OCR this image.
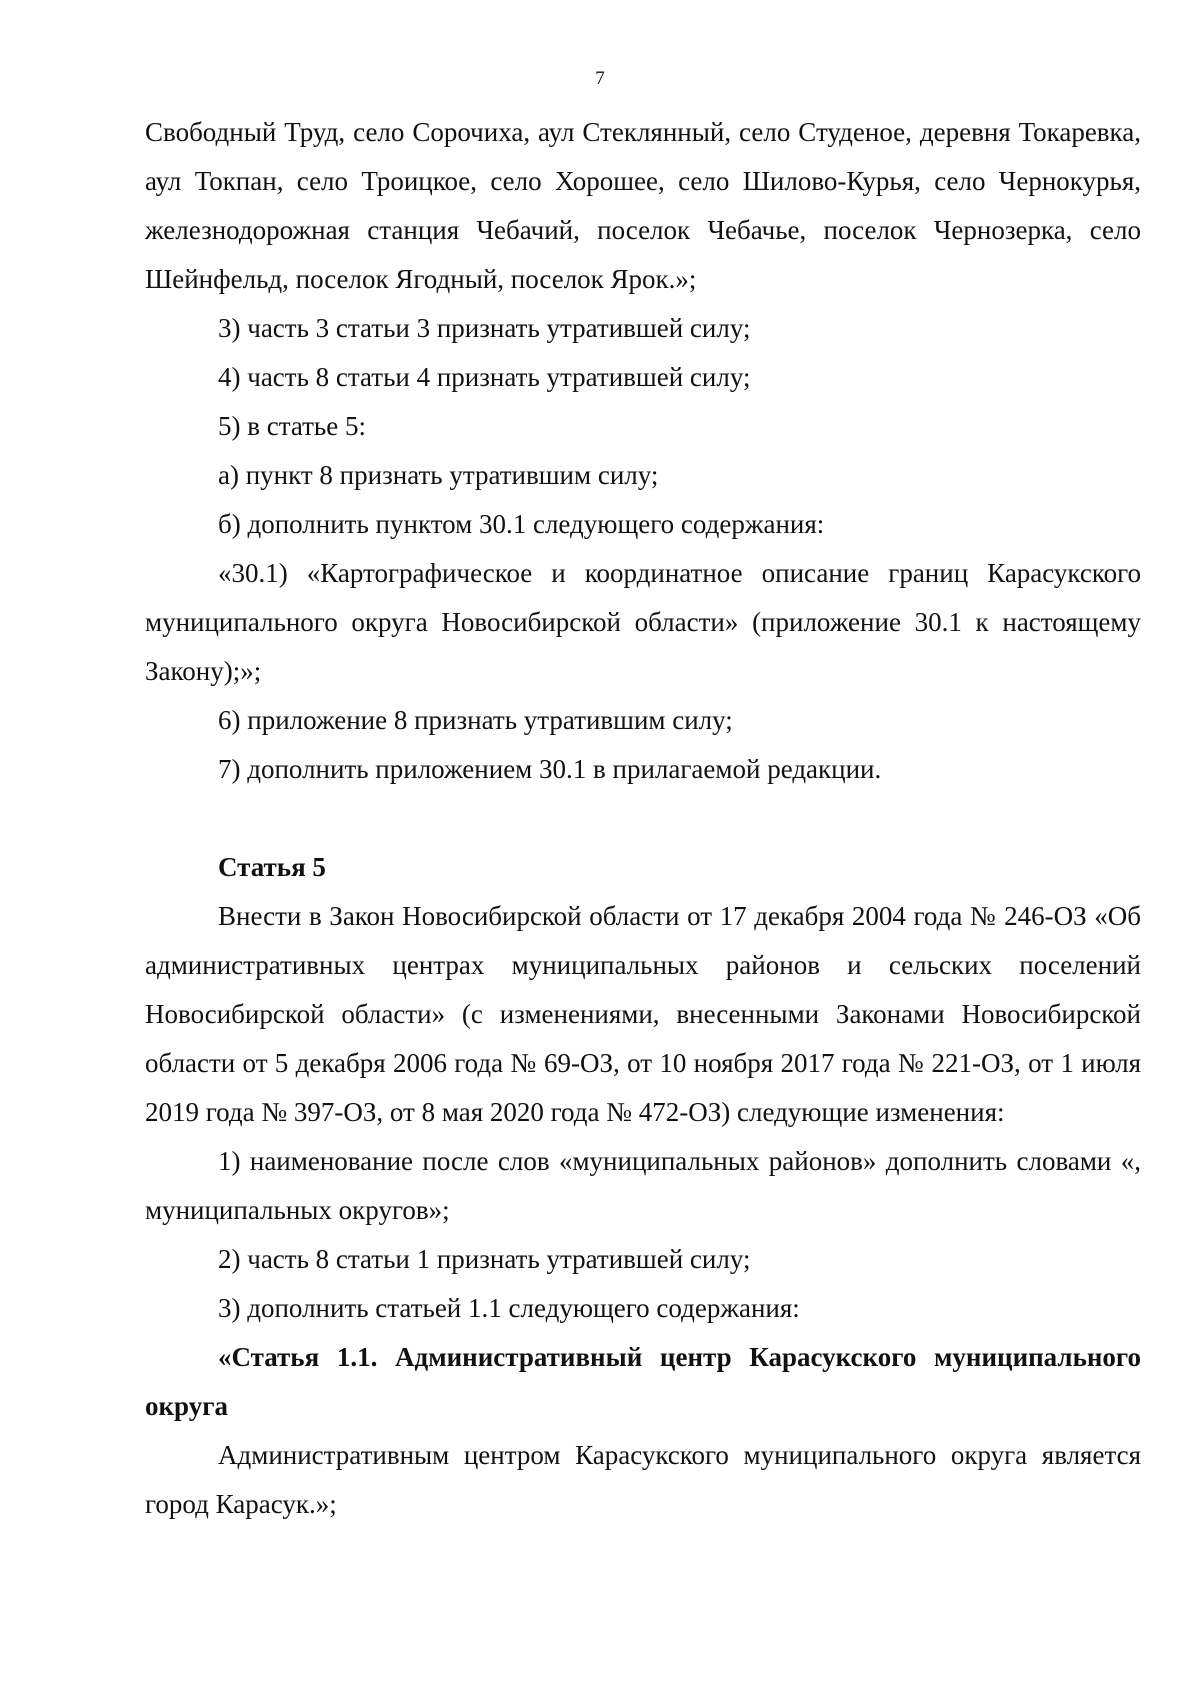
7

Свободный Труд, село Сорочиха, аул Стеклянный, село Студеное, деревня Токаревка, аул Токпан, село Троицкое, село Хорошее, село Шилово-Курья, село Чернокурья, железнодорожная станция Чебачий, поселок Чебачье, поселок Чернозерка, село Шейнфельд, поселок Ягодный, поселок Ярок.»;

3) часть 3 статьи 3 признать утратившей силу;

4) часть 8 статьи 4 признать утратившей силу;

5) в статье 5:

а) пункт 8 признать утратившим силу;

б) дополнить пунктом 30.1 следующего содержания:

«30.1) «Картографическое и координатное описание границ Карасукского муниципального округа Новосибирской области» (приложение 30.1 к настоящему Закону);»;

6) приложение 8 признать утратившим силу;

7) дополнить приложением 30.1 в прилагаемой редакции.

Статья 5

Внести в Закон Новосибирской области от 17 декабря 2004 года № 246-ОЗ «Об административных центрах муниципальных районов и сельских поселений Новосибирской области» (с изменениями, внесенными Законами Новосибирской области от 5 декабря 2006 года № 69-ОЗ, от 10 ноября 2017 года № 221-ОЗ, от 1 июля 2019 года № 397-ОЗ, от 8 мая 2020 года № 472-ОЗ) следующие изменения:

1) наименование после слов «муниципальных районов» дополнить словами «, муниципальных округов»;

2) часть 8 статьи 1 признать утратившей силу;

3) дополнить статьей 1.1 следующего содержания:

«Статья 1.1. Административный центр Карасукского муниципального округа

Административным центром Карасукского муниципального округа является город Карасук.»;
